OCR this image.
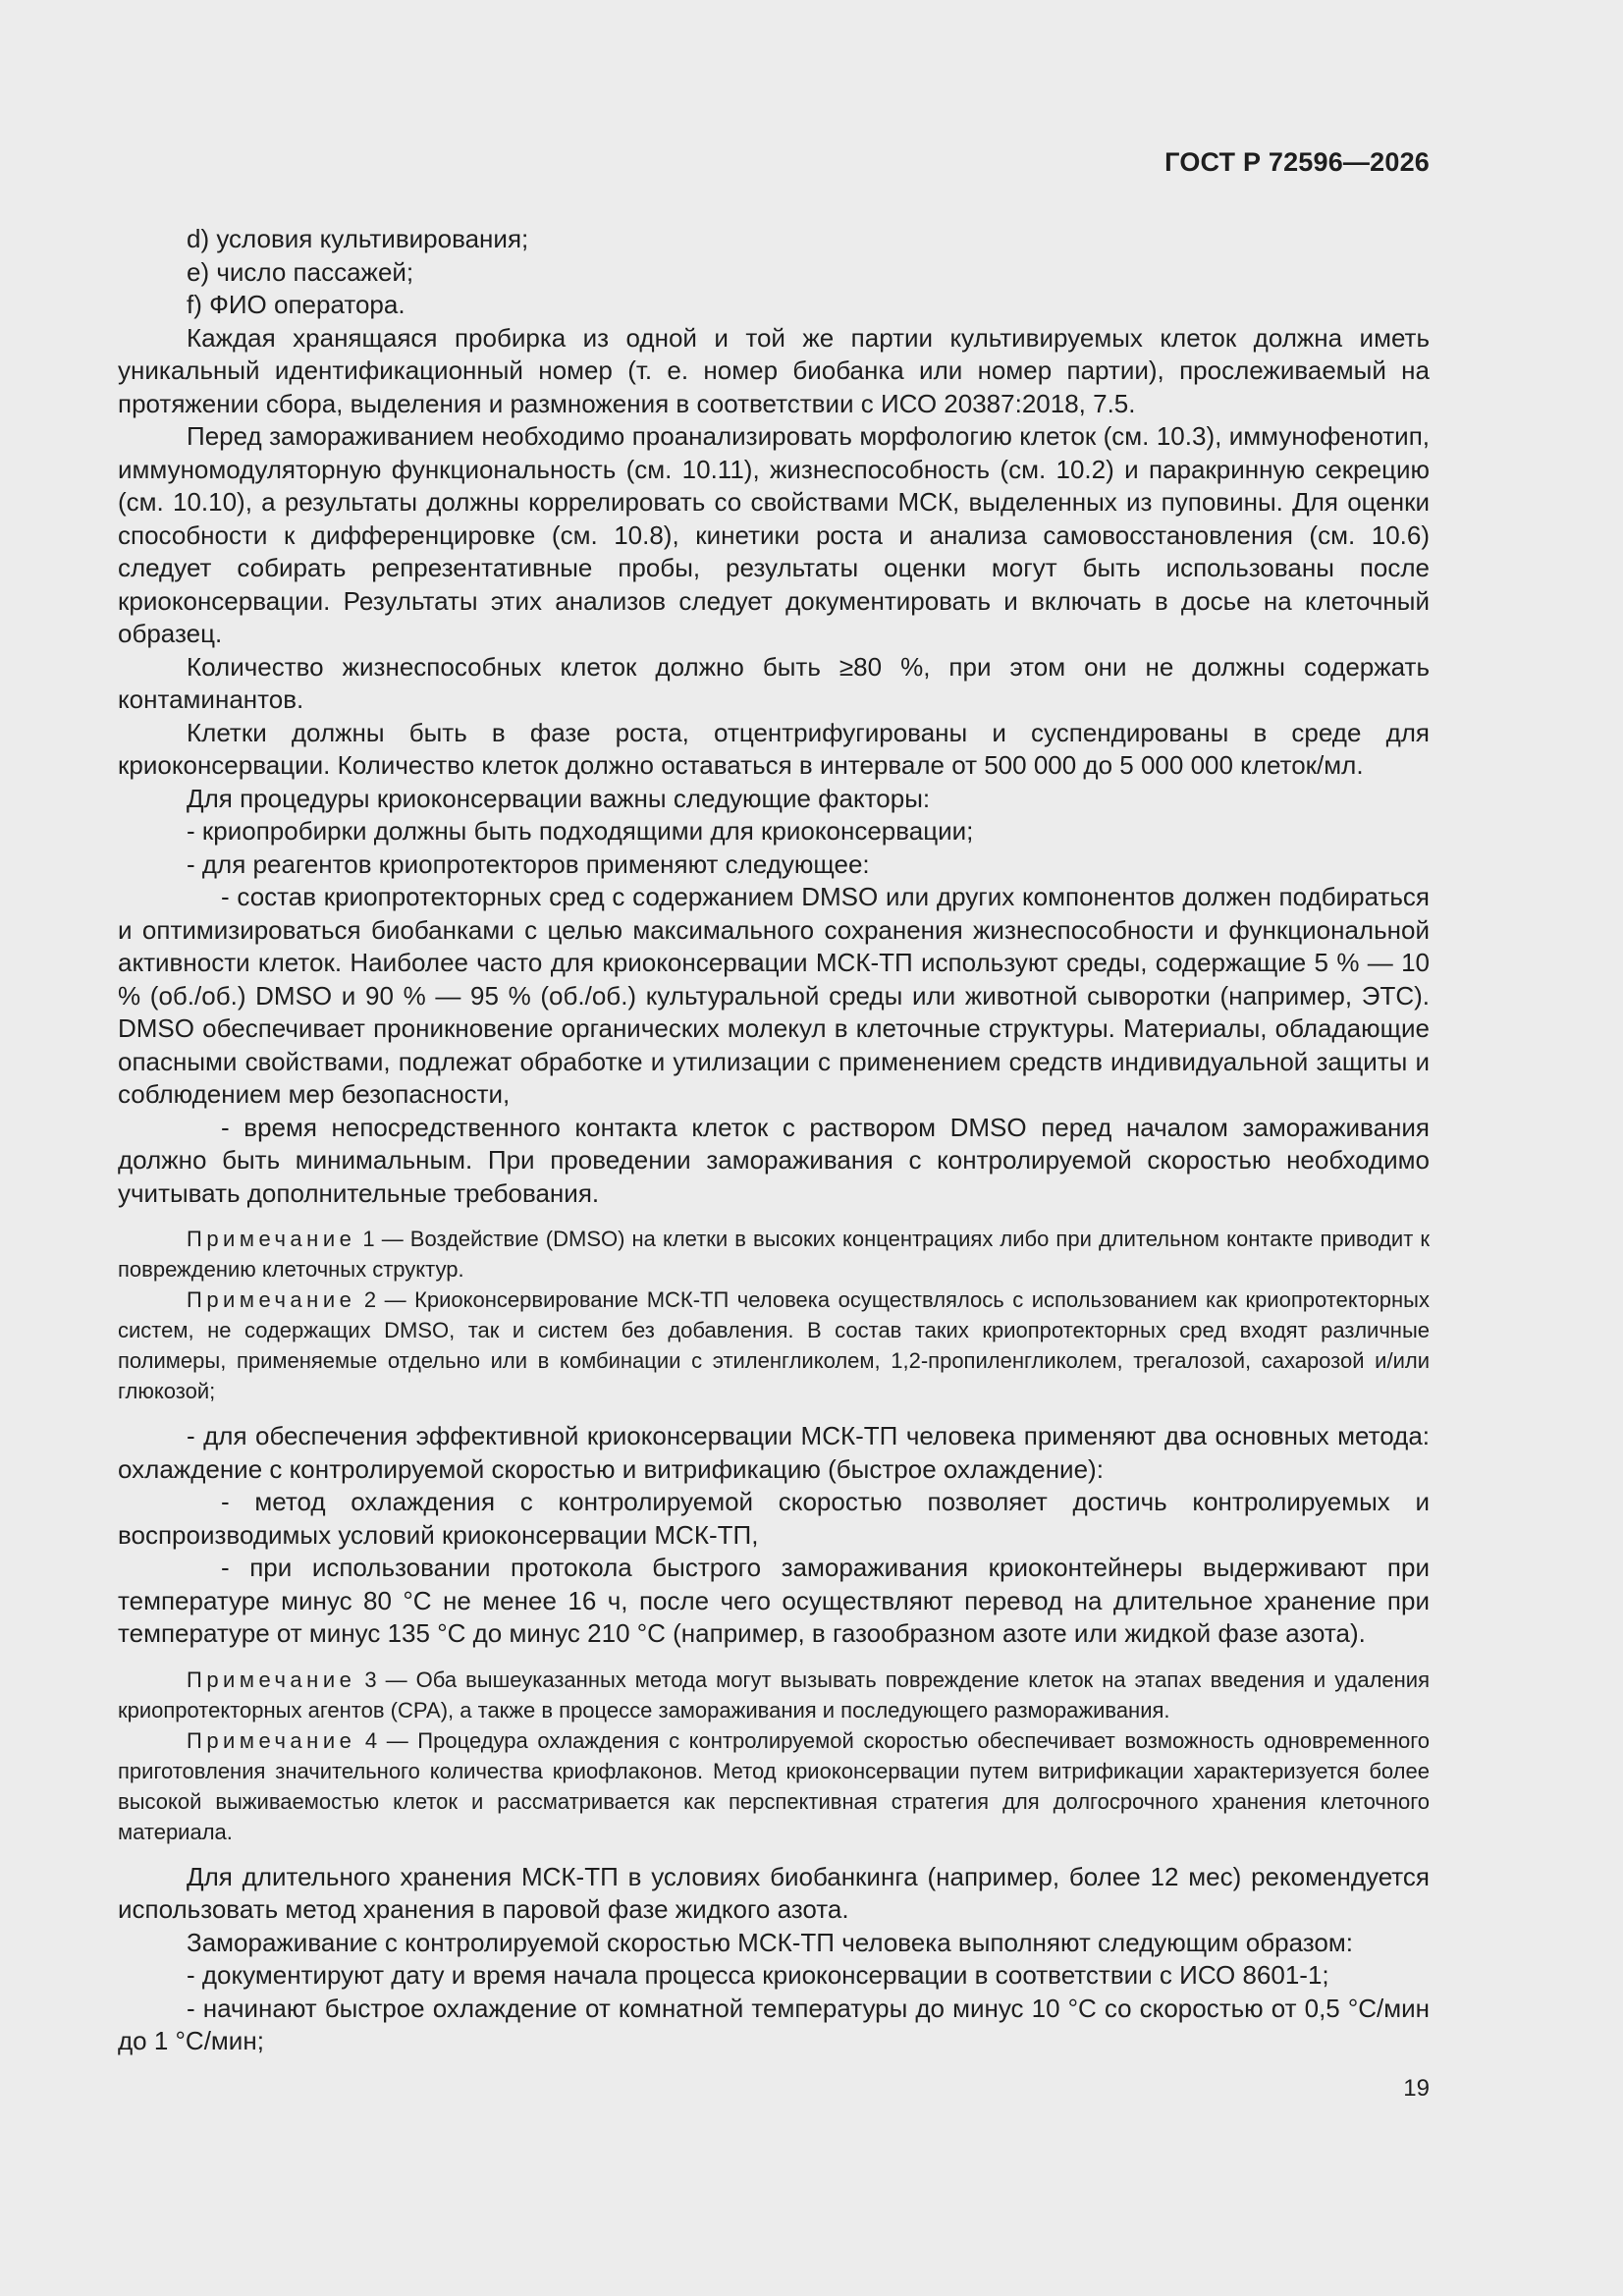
ГОСТ Р 72596—2026

d) условия культивирования;

е) число пассажей;

f) ФИО оператора.

Каждая хранящаяся пробирка из одной и той же партии культивируемых клеток должна иметь уникальный идентификационный номер (т. е. номер биобанка или номер партии), прослеживаемый на протяжении сбора, выделения и размножения в соответствии с ИСО 20387:2018, 7.5.

Перед замораживанием необходимо проанализировать морфологию клеток (см. 10.3), иммунофенотип, иммуномодуляторную функциональность (см. 10.11), жизнеспособность (см. 10.2) и паракринную секрецию (см. 10.10), а результаты должны коррелировать со свойствами МСК, выделенных из пуповины. Для оценки способности к дифференцировке (см. 10.8), кинетики роста и анализа самовосстановления (см. 10.6) следует собирать репрезентативные пробы, результаты оценки могут быть использованы после криоконсервации. Результаты этих анализов следует документировать и включать в досье на клеточный образец.

Количество жизнеспособных клеток должно быть ≥80 %, при этом они не должны содержать контаминантов.

Клетки должны быть в фазе роста, отцентрифугированы и суспендированы в среде для криоконсервации. Количество клеток должно оставаться в интервале от 500 000 до 5 000 000 клеток/мл.

Для процедуры криоконсервации важны следующие факторы:

- криопробирки должны быть подходящими для криоконсервации;

- для реагентов криопротекторов применяют следующее:

- состав криопротекторных сред с содержанием DMSO или других компонентов должен подбираться и оптимизироваться биобанками с целью максимального сохранения жизнеспособности и функциональной активности клеток. Наиболее часто для криоконсервации МСК-ТП используют среды, содержащие 5 % — 10 % (об./об.) DMSO и 90 % — 95 % (об./об.) культуральной среды или животной сыворотки (например, ЭТС). DMSO обеспечивает проникновение органических молекул в клеточные структуры. Материалы, обладающие опасными свойствами, подлежат обработке и утилизации с применением средств индивидуальной защиты и соблюдением мер безопасности,

- время непосредственного контакта клеток с раствором DMSO перед началом замораживания должно быть минимальным. При проведении замораживания с контролируемой скоростью необходимо учитывать дополнительные требования.

Примечание 1 — Воздействие (DMSO) на клетки в высоких концентрациях либо при длительном контакте приводит к повреждению клеточных структур.

Примечание 2 — Криоконсервирование МСК-ТП человека осуществлялось с использованием как криопротекторных систем, не содержащих DMSO, так и систем без добавления. В состав таких криопротекторных сред входят различные полимеры, применяемые отдельно или в комбинации с этиленгликолем, 1,2-пропиленгликолем, трегалозой, сахарозой и/или глюкозой;

- для обеспечения эффективной криоконсервации МСК-ТП человека применяют два основных метода: охлаждение с контролируемой скоростью и витрификацию (быстрое охлаждение):

- метод охлаждения с контролируемой скоростью позволяет достичь контролируемых и воспроизводимых условий криоконсервации МСК-ТП,

- при использовании протокола быстрого замораживания криоконтейнеры выдерживают при температуре минус 80 °С не менее 16 ч, после чего осуществляют перевод на длительное хранение при температуре от минус 135 °С до минус 210 °С (например, в газообразном азоте или жидкой фазе азота).

Примечание 3 — Оба вышеуказанных метода могут вызывать повреждение клеток на этапах введения и удаления криопротекторных агентов (СРА), а также в процессе замораживания и последующего размораживания.

Примечание 4 — Процедура охлаждения с контролируемой скоростью обеспечивает возможность одновременного приготовления значительного количества криофлаконов. Метод криоконсервации путем витрификации характеризуется более высокой выживаемостью клеток и рассматривается как перспективная стратегия для долгосрочного хранения клеточного материала.

Для длительного хранения МСК-ТП в условиях биобанкинга (например, более 12 мес) рекомендуется использовать метод хранения в паровой фазе жидкого азота.

Замораживание с контролируемой скоростью МСК-ТП человека выполняют следующим образом:

- документируют дату и время начала процесса криоконсервации в соответствии с ИСО 8601-1;

- начинают быстрое охлаждение от комнатной температуры до минус 10 °С со скоростью от 0,5 °С/мин до 1 °С/мин;

19
